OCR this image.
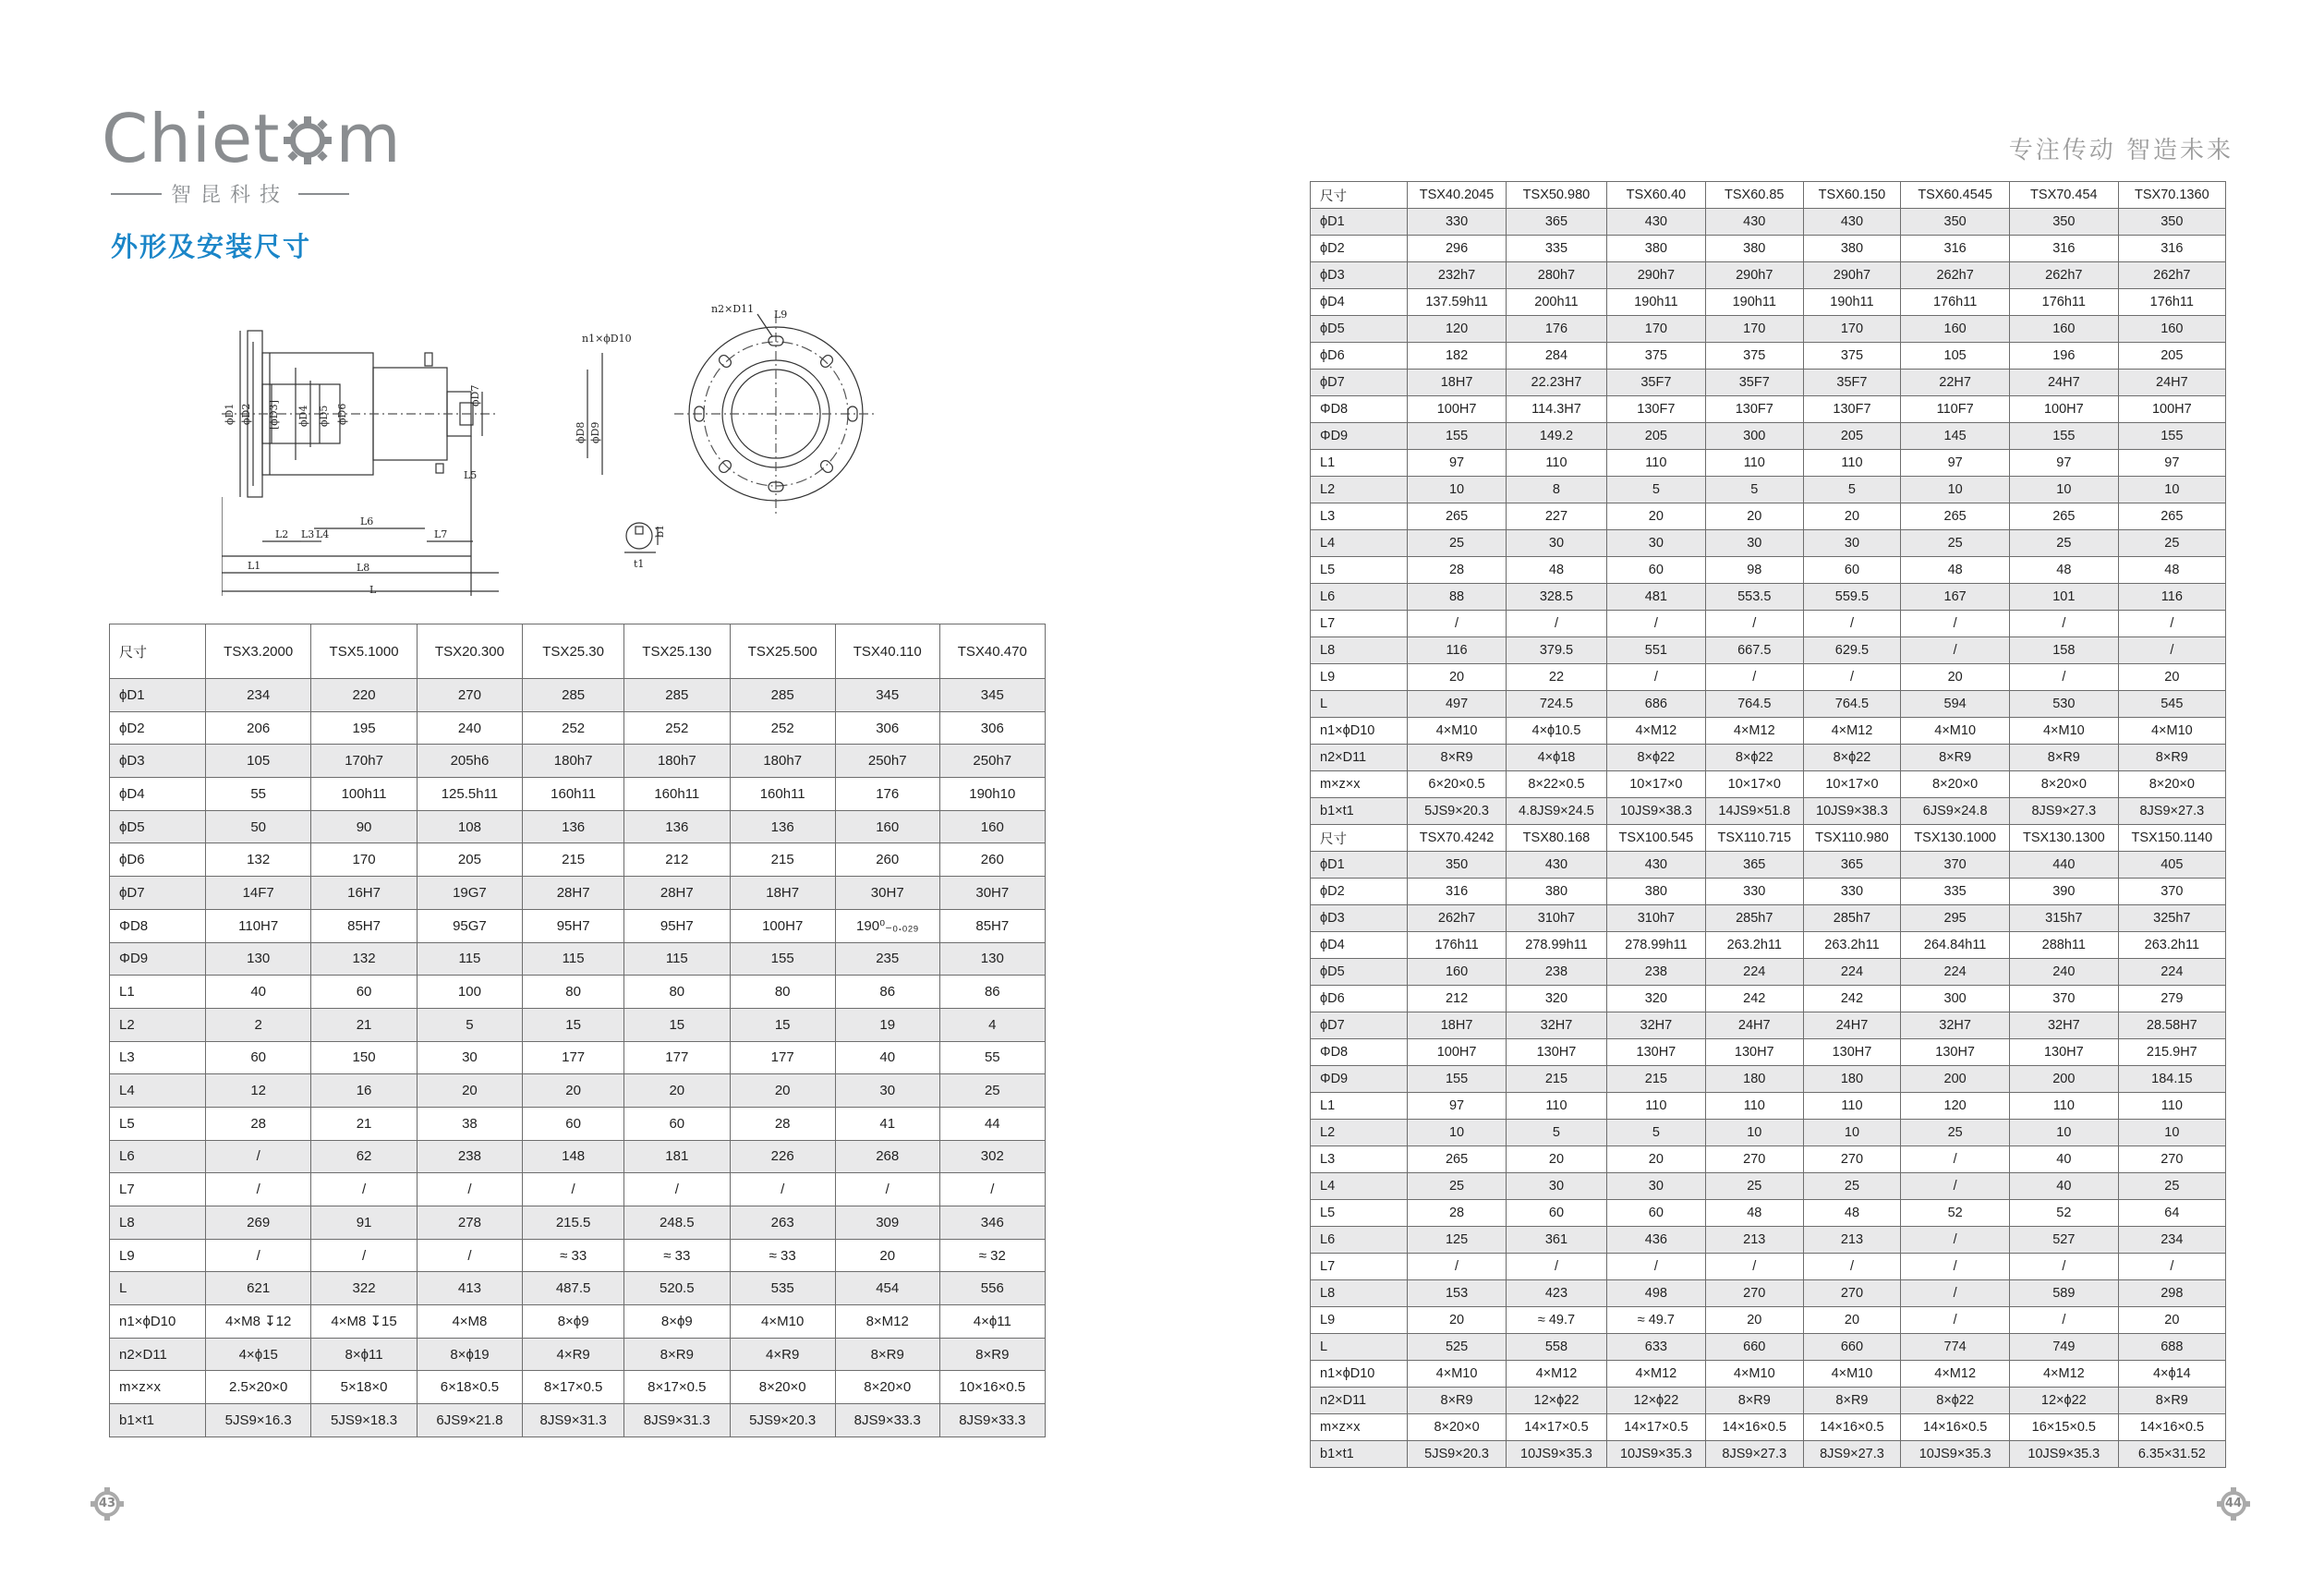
Chiet m
智昆科技
专注传动 智造未来
外形及安装尺寸
ϕD1 ϕD2 [ϕD3] ϕD4 ϕD5 ϕD6
ϕD7
ϕD8 ϕD9
n1×ϕD10
n2×D11 L9
L
L1
L2 L3 L4
L5
L6
L7
L8
b1
t1
尺寸	TSX3.2000	TSX5.1000	TSX20.300	TSX25.30	TSX25.130	TSX25.500	TSX40.110	TSX40.470
ϕD1	234	220	270	285	285	285	345	345
ϕD2	206	195	240	252	252	252	306	306
ϕD3	105	170h7	205h6	180h7	180h7	180h7	250h7	250h7
ϕD4	55	100h11	125.5h11	160h11	160h11	160h11	176	190h10
ϕD5	50	90	108	136	136	136	160	160
ϕD6	132	170	205	215	212	215	260	260
ϕD7	14F7	16H7	19G7	28H7	28H7	18H7	30H7	30H7
ΦD8	110H7	85H7	95G7	95H7	95H7	100H7	190⁰₋₀.₀₂₉	85H7
ΦD9	130	132	115	115	115	155	235	130
L1	40	60	100	80	80	80	86	86
L2	2	21	5	15	15	15	19	4
L3	60	150	30	177	177	177	40	55
L4	12	16	20	20	20	20	30	25
L5	28	21	38	60	60	28	41	44
L6	/	62	238	148	181	226	268	302
L7	/	/	/	/	/	/	/	/
L8	269	91	278	215.5	248.5	263	309	346
L9	/	/	/	≈ 33	≈ 33	≈ 33	20	≈ 32
L	621	322	413	487.5	520.5	535	454	556
n1×ϕD10	4×M8 ↧12	4×M8 ↧15	4×M8	8×ϕ9	8×ϕ9	4×M10	8×M12	4×ϕ11
n2×D11	4×ϕ15	8×ϕ11	8×ϕ19	4×R9	8×R9	4×R9	8×R9	8×R9
m×z×x	2.5×20×0	5×18×0	6×18×0.5	8×17×0.5	8×17×0.5	8×20×0	8×20×0	10×16×0.5
b1×t1	5JS9×16.3	5JS9×18.3	6JS9×21.8	8JS9×31.3	8JS9×31.3	5JS9×20.3	8JS9×33.3	8JS9×33.3
尺寸	TSX40.2045	TSX50.980	TSX60.40	TSX60.85	TSX60.150	TSX60.4545	TSX70.454	TSX70.1360
ϕD1	330	365	430	430	430	350	350	350
ϕD2	296	335	380	380	380	316	316	316
ϕD3	232h7	280h7	290h7	290h7	290h7	262h7	262h7	262h7
ϕD4	137.59h11	200h11	190h11	190h11	190h11	176h11	176h11	176h11
ϕD5	120	176	170	170	170	160	160	160
ϕD6	182	284	375	375	375	105	196	205
ϕD7	18H7	22.23H7	35F7	35F7	35F7	22H7	24H7	24H7
ΦD8	100H7	114.3H7	130F7	130F7	130F7	110F7	100H7	100H7
ΦD9	155	149.2	205	300	205	145	155	155
L1	97	110	110	110	110	97	97	97
L2	10	8	5	5	5	10	10	10
L3	265	227	20	20	20	265	265	265
L4	25	30	30	30	30	25	25	25
L5	28	48	60	98	60	48	48	48
L6	88	328.5	481	553.5	559.5	167	101	116
L7	/	/	/	/	/	/	/	/
L8	116	379.5	551	667.5	629.5	/	158	/
L9	20	22	/	/	/	20	/	20
L	497	724.5	686	764.5	764.5	594	530	545
n1×ϕD10	4×M10	4×ϕ10.5	4×M12	4×M12	4×M12	4×M10	4×M10	4×M10
n2×D11	8×R9	4×ϕ18	8×ϕ22	8×ϕ22	8×ϕ22	8×R9	8×R9	8×R9
m×z×x	6×20×0.5	8×22×0.5	10×17×0	10×17×0	10×17×0	8×20×0	8×20×0	8×20×0
b1×t1	5JS9×20.3	4.8JS9×24.5	10JS9×38.3	14JS9×51.8	10JS9×38.3	6JS9×24.8	8JS9×27.3	8JS9×27.3
尺寸	TSX70.4242	TSX80.168	TSX100.545	TSX110.715	TSX110.980	TSX130.1000	TSX130.1300	TSX150.1140
ϕD1	350	430	430	365	365	370	440	405
ϕD2	316	380	380	330	330	335	390	370
ϕD3	262h7	310h7	310h7	285h7	285h7	295	315h7	325h7
ϕD4	176h11	278.99h11	278.99h11	263.2h11	263.2h11	264.84h11	288h11	263.2h11
ϕD5	160	238	238	224	224	224	240	224
ϕD6	212	320	320	242	242	300	370	279
ϕD7	18H7	32H7	32H7	24H7	24H7	32H7	32H7	28.58H7
ΦD8	100H7	130H7	130H7	130H7	130H7	130H7	130H7	215.9H7
ΦD9	155	215	215	180	180	200	200	184.15
L1	97	110	110	110	110	120	110	110
L2	10	5	5	10	10	25	10	10
L3	265	20	20	270	270	/	40	270
L4	25	30	30	25	25	/	40	25
L5	28	60	60	48	48	52	52	64
L6	125	361	436	213	213	/	527	234
L7	/	/	/	/	/	/	/	/
L8	153	423	498	270	270	/	589	298
L9	20	≈ 49.7	≈ 49.7	20	20	/	/	20
L	525	558	633	660	660	774	749	688
n1×ϕD10	4×M10	4×M12	4×M12	4×M10	4×M10	4×M12	4×M12	4×ϕ14
n2×D11	8×R9	12×ϕ22	12×ϕ22	8×R9	8×R9	8×ϕ22	12×ϕ22	8×R9
m×z×x	8×20×0	14×17×0.5	14×17×0.5	14×16×0.5	14×16×0.5	14×16×0.5	16×15×0.5	14×16×0.5
b1×t1	5JS9×20.3	10JS9×35.3	10JS9×35.3	8JS9×27.3	8JS9×27.3	10JS9×35.3	10JS9×35.3	6.35×31.52
43	44
